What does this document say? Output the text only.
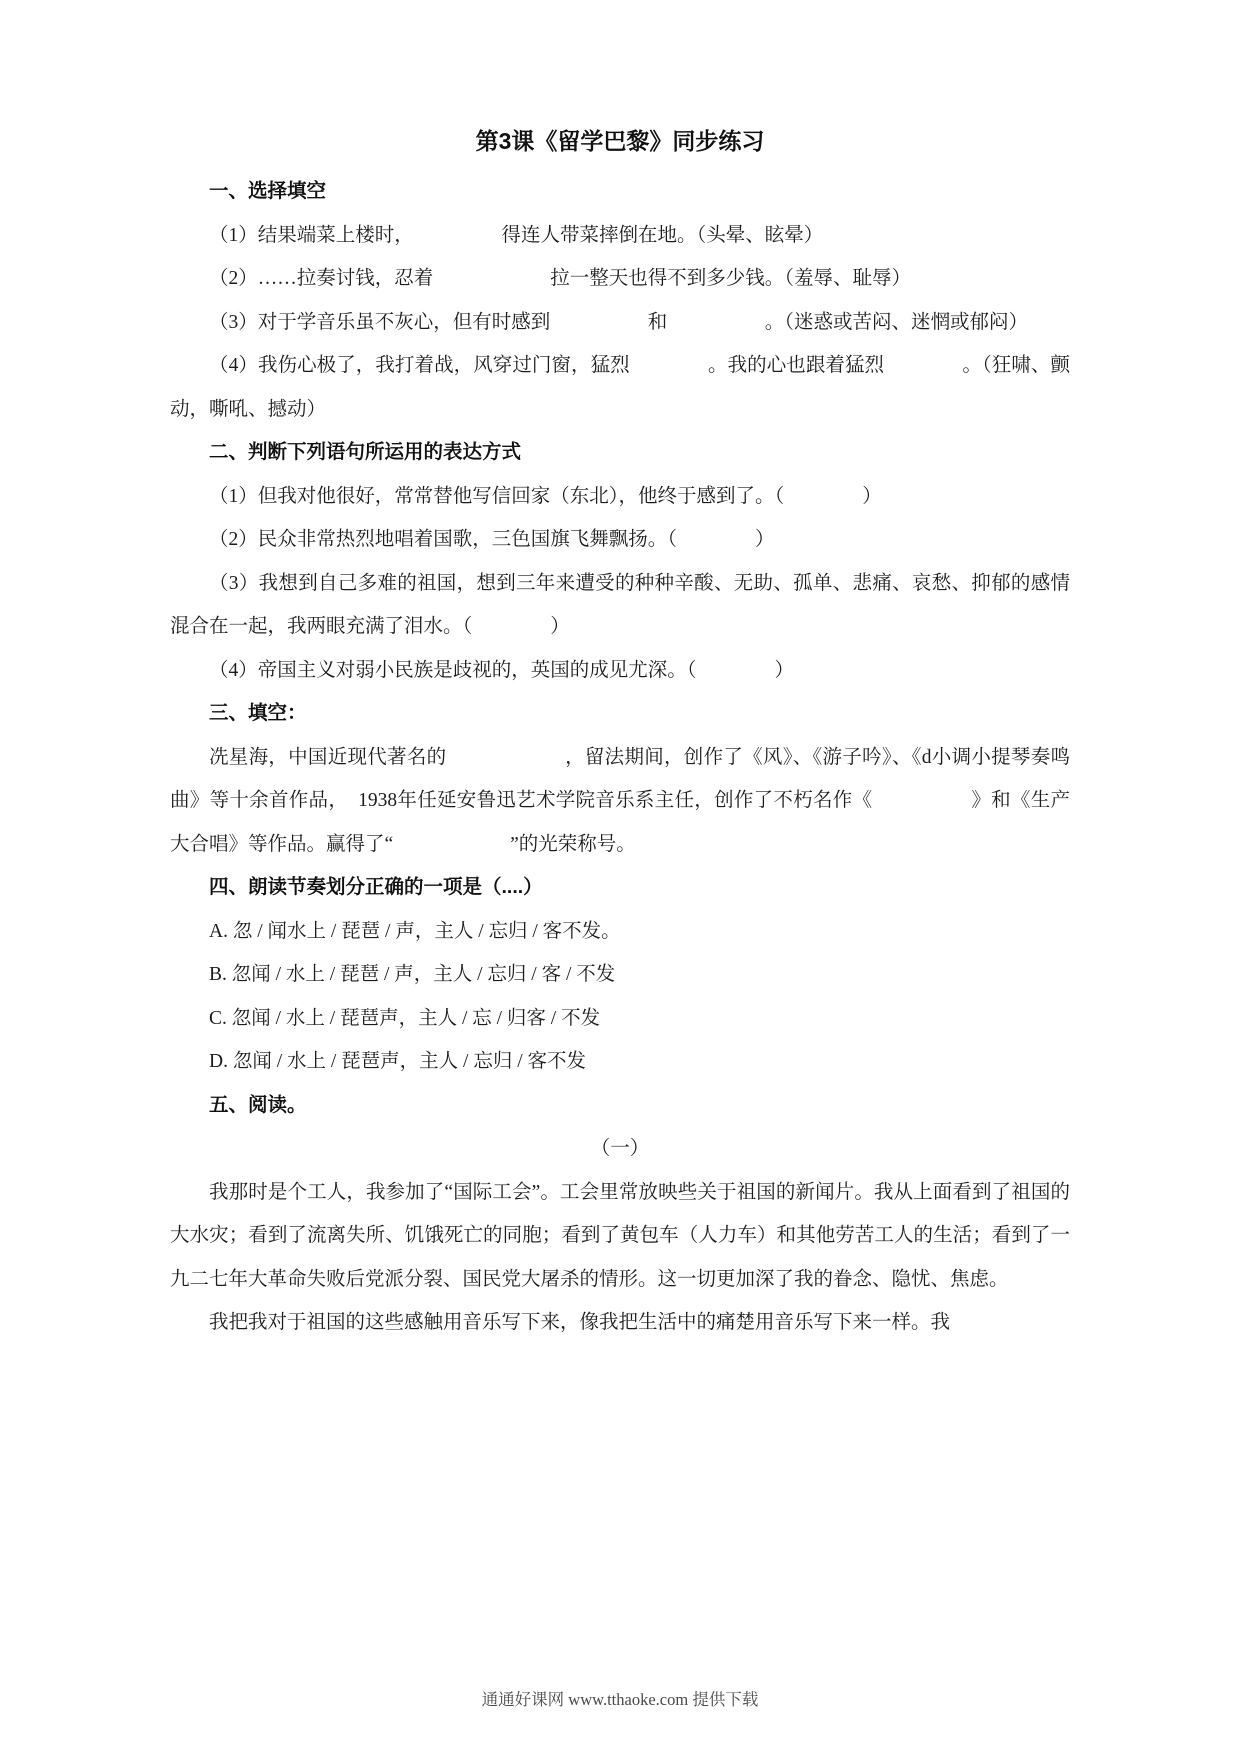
第3课《留学巴黎》同步练习

一、选择填空

（1）结果端菜上楼时，　　　　　得连人带菜摔倒在地。（头晕、眩晕）

（2）……拉奏讨钱，忍着　　　　　　拉一整天也得不到多少钱。（羞辱、耻辱）

（3）对于学音乐虽不灰心，但有时感到　　　　　和　　　　　。（迷惑或苦闷、迷惘或郁闷）

（4）我伤心极了，我打着战，风穿过门窗，猛烈　　　　。我的心也跟着猛烈　　　　。（狂啸、颤动，嘶吼、撼动）

二、判断下列语句所运用的表达方式

（1）但我对他很好，常常替他写信回家（东北），他终于感到了。（　　　　）

（2）民众非常热烈地唱着国歌，三色国旗飞舞飘扬。（　　　　）

（3）我想到自己多难的祖国，想到三年来遭受的种种辛酸、无助、孤单、悲痛、哀愁、抑郁的感情混合在一起，我两眼充满了泪水。（　　　　）

（4）帝国主义对弱小民族是歧视的，英国的成见尤深。（　　　　）

三、填空：

冼星海，中国近现代著名的　　　　　　，留法期间，创作了《风》、《游子吟》、《d小调小提琴奏鸣曲》等十余首作品，　1938年任延安鲁迅艺术学院音乐系主任，创作了不朽名作《　　　　　》和《生产大合唱》等作品。赢得了“　　　　　　”的光荣称号。

四、朗读节奏划分正确的一项是（....）

A. 忽 / 闻水上 / 琵琶 / 声，主人 / 忘归 / 客不发。

B. 忽闻 / 水上 / 琵琶 / 声，主人 / 忘归 / 客 / 不发

C. 忽闻 / 水上 / 琵琶声，主人 / 忘 / 归客 / 不发

D. 忽闻 / 水上 / 琵琶声，主人 / 忘归 / 客不发

五、阅读。

（一）

我那时是个工人，我参加了“国际工会”。工会里常放映些关于祖国的新闻片。我从上面看到了祖国的大水灾；看到了流离失所、饥饿死亡的同胞；看到了黄包车（人力车）和其他劳苦工人的生活；看到了一九二七年大革命失败后党派分裂、国民党大屠杀的情形。这一切更加深了我的眷念、隐忧、焦虑。

我把我对于祖国的这些感触用音乐写下来，像我把生活中的痛楚用音乐写下来一样。我

通通好课网 www.tthaoke.com 提供下载
